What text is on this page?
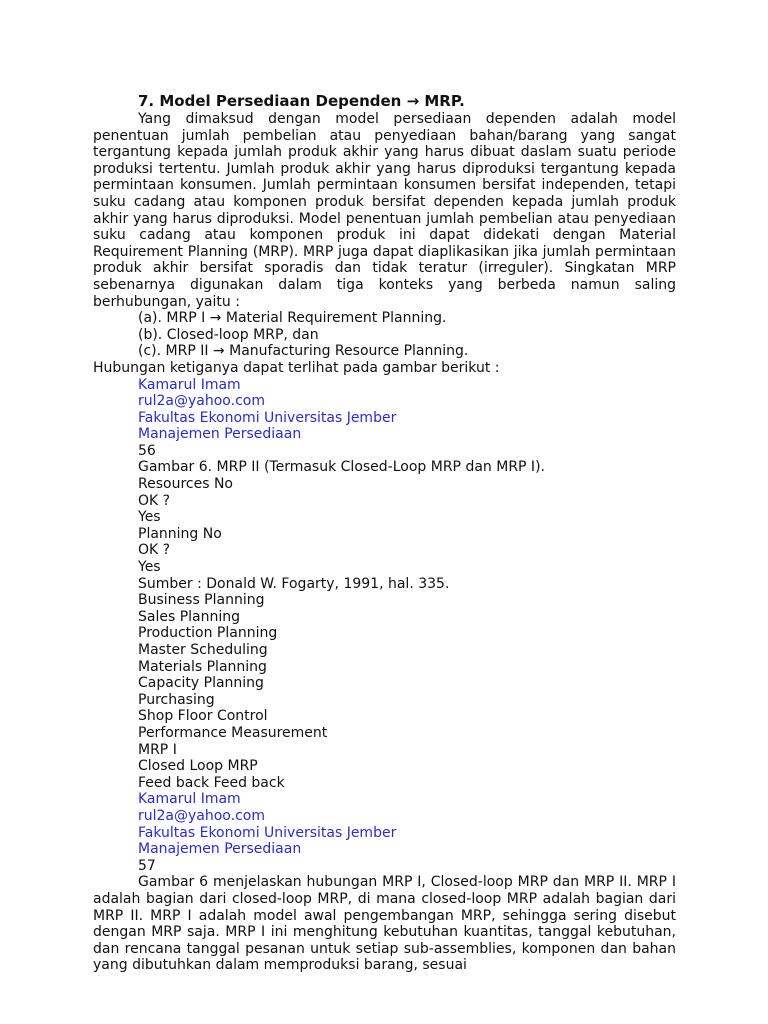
7. Model Persediaan Dependen → MRP.

Yang dimaksud dengan model persediaan dependen adalah model penentuan jumlah pembelian atau penyediaan bahan/barang yang sangat tergantung kepada jumlah produk akhir yang harus dibuat daslam suatu periode produksi tertentu. Jumlah produk akhir yang harus diproduksi tergantung kepada permintaan konsumen. Jumlah permintaan konsumen bersifat independen, tetapi suku cadang atau komponen produk bersifat dependen kepada jumlah produk akhir yang harus diproduksi. Model penentuan jumlah pembelian atau penyediaan suku cadang atau komponen produk ini dapat didekati dengan Material Requirement Planning (MRP). MRP juga dapat diaplikasikan jika jumlah permintaan produk akhir bersifat sporadis dan tidak teratur (irreguler). Singkatan MRP sebenarnya digunakan dalam tiga konteks yang berbeda namun saling berhubungan, yaitu :

(a). MRP I → Material Requirement Planning.
(b). Closed-loop MRP, dan
(c). MRP II → Manufacturing Resource Planning.
Hubungan ketiganya dapat terlihat pada gambar berikut :
Kamarul Imam
rul2a@yahoo.com
Fakultas Ekonomi Universitas Jember
Manajemen Persediaan
56
Gambar 6. MRP II (Termasuk Closed-Loop MRP dan MRP I).
Resources No
OK ?
Yes
Planning No
OK ?
Yes
Sumber : Donald W. Fogarty, 1991, hal. 335.
Business Planning
Sales Planning
Production Planning
Master Scheduling
Materials Planning
Capacity Planning
Purchasing
Shop Floor Control
Performance Measurement
MRP I
Closed Loop MRP
Feed back Feed back
Kamarul Imam
rul2a@yahoo.com
Fakultas Ekonomi Universitas Jember
Manajemen Persediaan
57

Gambar 6 menjelaskan hubungan MRP I, Closed-loop MRP dan MRP II. MRP I adalah bagian dari closed-loop MRP, di mana closed-loop MRP adalah bagian dari MRP II. MRP I adalah model awal pengembangan MRP, sehingga sering disebut dengan MRP saja. MRP I ini menghitung kebutuhan kuantitas, tanggal kebutuhan, dan rencana tanggal pesanan untuk setiap sub-assemblies, komponen dan bahan yang dibutuhkan dalam memproduksi barang, sesuai
